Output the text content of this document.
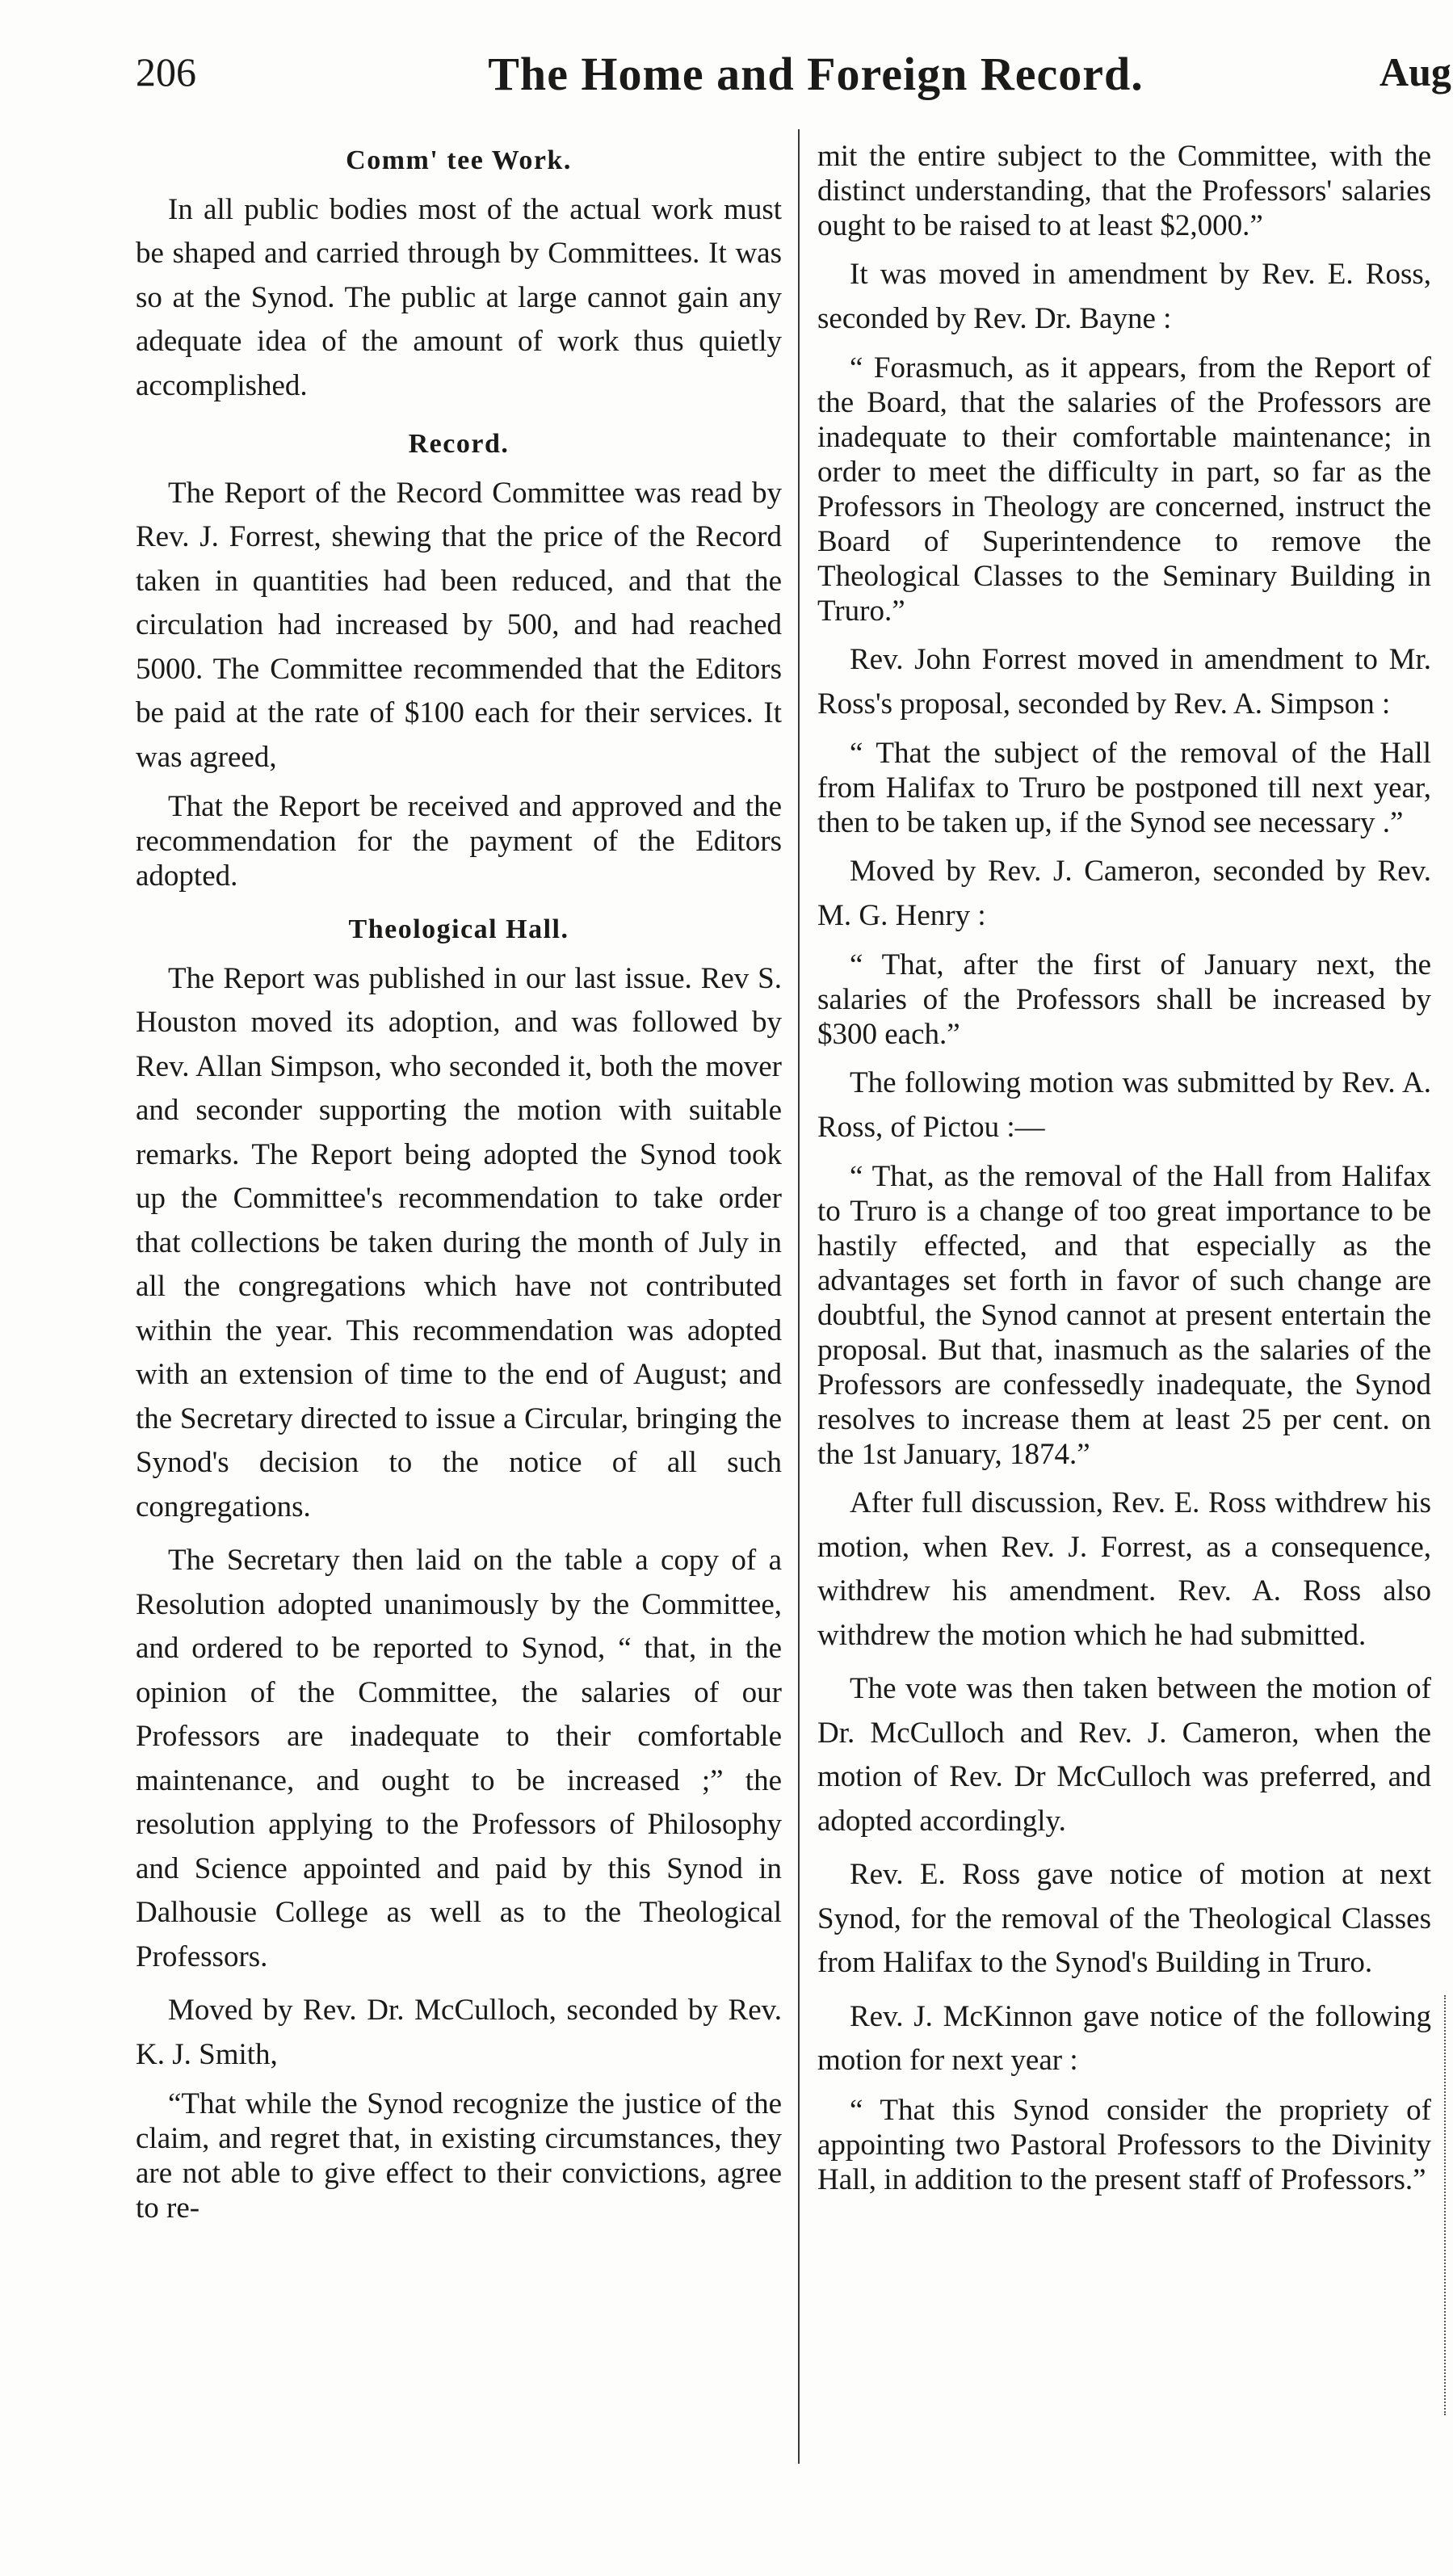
206	The Home and Foreign Record.	Aug
Comm' tee Work.

In all public bodies most of the actual work must be shaped and carried through by Committees. It was so at the Synod. The public at large cannot gain any adequate idea of the amount of work thus quietly accomplished.

Record.

The Report of the Record Committee was read by Rev. J. Forrest, shewing that the price of the Record taken in quantities had been reduced, and that the circulation had increased by 500, and had reached 5000. The Committee recommended that the Editors be paid at the rate of $100 each for their services. It was agreed,

That the Report be received and approved and the recommendation for the payment of the Editors adopted.

Theological Hall.

The Report was published in our last issue. Rev S. Houston moved its adoption, and was followed by Rev. Allan Simpson, who seconded it, both the mover and seconder supporting the motion with suitable remarks. The Report being adopted the Synod took up the Committee's recommendation to take order that collections be taken during the month of July in all the congregations which have not contributed within the year. This recommendation was adopted with an extension of time to the end of August; and the Secretary directed to issue a Circular, bringing the Synod's decision to the notice of all such congregations.

The Secretary then laid on the table a copy of a Resolution adopted unanimously by the Committee, and ordered to be reported to Synod, “ that, in the opinion of the Committee, the salaries of our Professors are inadequate to their comfortable maintenance, and ought to be increased ;” the resolution applying to the Professors of Philosophy and Science appointed and paid by this Synod in Dalhousie College as well as to the Theological Professors.

Moved by Rev. Dr. McCulloch, seconded by Rev. K. J. Smith,

“That while the Synod recognize the justice of the claim, and regret that, in existing circumstances, they are not able to give effect to their convictions, agree to re-

mit the entire subject to the Committee, with the distinct understanding, that the Professors' salaries ought to be raised to at least $2,000.”

It was moved in amendment by Rev. E. Ross, seconded by Rev. Dr. Bayne :

“ Forasmuch, as it appears, from the Report of the Board, that the salaries of the Professors are inadequate to their comfortable maintenance; in order to meet the difficulty in part, so far as the Professors in Theology are concerned, instruct the Board of Superintendence to remove the Theological Classes to the Seminary Building in Truro.”

Rev. John Forrest moved in amendment to Mr. Ross's proposal, seconded by Rev. A. Simpson :

“ That the subject of the removal of the Hall from Halifax to Truro be postponed till next year, then to be taken up, if the Synod see necessary .”

Moved by Rev. J. Cameron, seconded by Rev. M. G. Henry :

“ That, after the first of January next, the salaries of the Professors shall be increased by $300 each.”

The following motion was submitted by Rev. A. Ross, of Pictou :—

“ That, as the removal of the Hall from Halifax to Truro is a change of too great importance to be hastily effected, and that especially as the advantages set forth in favor of such change are doubtful, the Synod cannot at present entertain the proposal. But that, inasmuch as the salaries of the Professors are confessedly inadequate, the Synod resolves to increase them at least 25 per cent. on the 1st January, 1874.”

After full discussion, Rev. E. Ross withdrew his motion, when Rev. J. Forrest, as a consequence, withdrew his amendment. Rev. A. Ross also withdrew the motion which he had submitted.

The vote was then taken between the motion of Dr. McCulloch and Rev. J. Cameron, when the motion of Rev. Dr McCulloch was preferred, and adopted accordingly.

Rev. E. Ross gave notice of motion at next Synod, for the removal of the Theological Classes from Halifax to the Synod's Building in Truro.

Rev. J. McKinnon gave notice of the following motion for next year :

“ That this Synod consider the propriety of appointing two Pastoral Professors to the Divinity Hall, in addition to the present staff of Professors.”
